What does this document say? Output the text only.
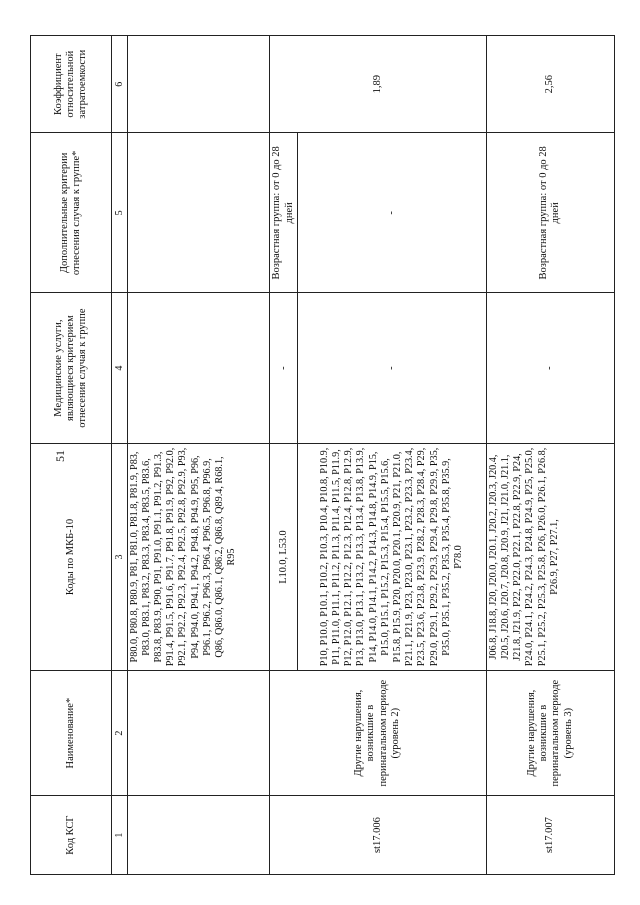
51
Код КСГ	Наименование*	Коды по МКБ-10	Медицинские услуги, являющиеся критерием отнесения случая к группе	Дополнительные критерии отнесения случая к группе*	Коэффициент относительной затратоемкости
1	2	3	4	5	6
		P80.0, P80.8, P80.9, P81, P81.0, P81.8, P81.9, P83, P83.0, P83.1, P83.2, P83.3, P83.4, P83.5, P83.6, P83.8, P83.9, P90, P91, P91.0, P91.1, P91.2, P91.3, P91.4, P91.5, P91.6, P91.7, P91.8, P91.9, P92, P92.0, P92.1, P92.2, P92.3, P92.4, P92.5, P92.8, P92.9, P93, P94, P94.0, P94.1, P94.2, P94.8, P94.9, P95, P96, P96.1, P96.2, P96.3, P96.4, P96.5, P96.8, P96.9, Q86, Q86.0, Q86.1, Q86.2, Q86.8, Q89.4, R68.1, R95			
st17.006	Другие нарушения, возникшие в перинатальном периоде (уровень 2)	L10.0, L53.0	-	Возрастная группа: от 0 до 28 дней	1,89
		P10, P10.0, P10.1, P10.2, P10.3, P10.4, P10.8, P10.9, P11, P11.0, P11.1, P11.2, P11.3, P11.4, P11.5, P11.9, P12, P12.0, P12.1, P12.2, P12.3, P12.4, P12.8, P12.9, P13, P13.0, P13.1, P13.2, P13.3, P13.4, P13.8, P13.9, P14, P14.0, P14.1, P14.2, P14.3, P14.8, P14.9, P15, P15.0, P15.1, P15.2, P15.3, P15.4, P15.5, P15.6, P15.8, P15.9, P20, P20.0, P20.1, P20.9, P21, P21.0, P21.1, P21.9, P23, P23.0, P23.1, P23.2, P23.3, P23.4, P23.5, P23.6, P23.8, P23.9, P28.2, P28.3, P28.4, P29, P29.0, P29.1, P29.2, P29.3, P29.4, P29.8, P29.9, P35, P35.0, P35.1, P35.2, P35.3, P35.4, P35.8, P35.9, P78.0	-	-	
st17.007	Другие нарушения, возникшие в перинатальном периоде (уровень 3)	J06.8, J18.8, J20, J20.0, J20.1, J20.2, J20.3, J20.4, J20.5, J20.6, J20.7, J20.8, J20.9, J21, J21.0, J21.1, J21.8, J21.9, P22, P22.0, P22.1, P22.8, P22.9, P24, P24.0, P24.1, P24.2, P24.3, P24.8, P24.9, P25, P25.0, P25.1, P25.2, P25.3, P25.8, P26, P26.0, P26.1, P26.8, P26.9, P27, P27.1,	-	Возрастная группа: от 0 до 28 дней	2,56
